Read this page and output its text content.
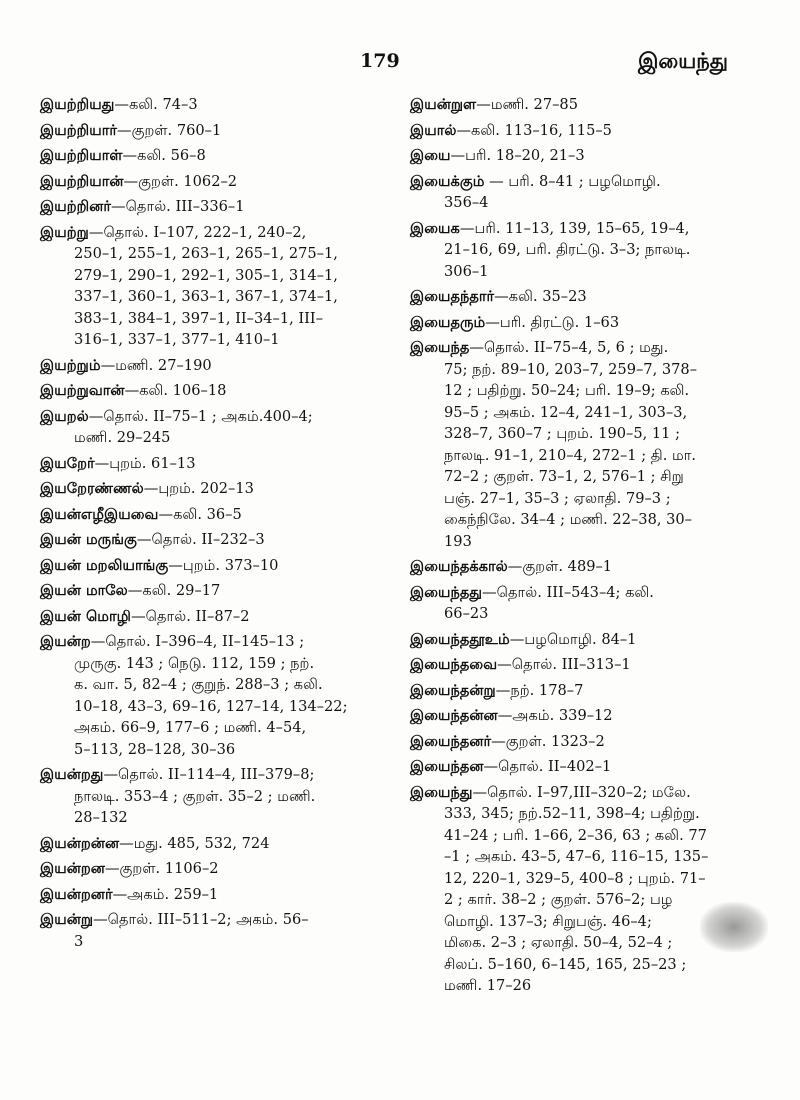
179	இயைந்து
இயற்றியது—கலி. 74–3
இயற்றியார்—குறள். 760–1
இயற்றியாள்—கலி. 56–8
இயற்றியான்—குறள். 1062–2
இயற்றினர்—தொல். III–336–1
இயற்று—தொல். I–107, 222–1, 240–2,
250–1, 255–1, 263–1, 265–1, 275–1,
279–1, 290–1, 292–1, 305–1, 314–1,
337–1, 360–1, 363–1, 367–1, 374–1,
383–1, 384–1, 397–1, II–34–1, III–
316–1, 337–1, 377–1, 410–1
இயற்றும்—மணி. 27–190
இயற்றுவான்—கலி. 106–18
இயறல்—தொல். II–75–1 ; அகம்.400–4;
மணி. 29–245
இயறேர்—புறம். 61–13
இயறேரண்ணல்—புறம். 202–13
இயன்எழீஇயவை—கலி. 36–5
இயன் மருங்கு—தொல். II–232–3
இயன் மறலியாங்கு—புறம். 373–10
இயன் மாலே—கலி. 29–17
இயன் மொழி—தொல். II–87–2
இயன்ற—தொல். I–396–4, II–145–13 ;
முருகு. 143 ; நெடு. 112, 159 ; நற்.
க. வா. 5, 82–4 ; குறுந். 288–3 ; கலி.
10–18, 43–3, 69–16, 127–14, 134–22;
அகம். 66–9, 177–6 ; மணி. 4–54,
5–113, 28–128, 30–36
இயன்றது—தொல். II–114–4, III–379–8;
நாலடி. 353–4 ; குறள். 35–2 ; மணி.
28–132
இயன்றன்ன—மது. 485, 532, 724
இயன்றன—குறள். 1106–2
இயன்றனர்—அகம். 259–1
இயன்று—தொல். III–511–2; அகம். 56–
3
இயன்றுள—மணி. 27–85
இயால்—கலி. 113–16, 115–5
இயை—பரி. 18–20, 21–3
இயைக்கும் — பரி. 8–41 ; பழமொழி.
356–4
இயைக—பரி. 11–13, 139, 15–65, 19–4,
21–16, 69, பரி. திரட்டு. 3–3; நாலடி.
306–1
இயைதந்தார்—கலி. 35–23
இயைதரும்—பரி. திரட்டு. 1–63
இயைந்த—தொல். II–75–4, 5, 6 ; மது.
75; நற். 89–10, 203–7, 259–7, 378–
12 ; பதிற்று. 50–24; பரி. 19–9; கலி.
95–5 ; அகம். 12–4, 241–1, 303–3,
328–7, 360–7 ; புறம். 190–5, 11 ;
நாலடி. 91–1, 210–4, 272–1 ; தி. மா.
72–2 ; குறள். 73–1, 2, 576–1 ; சிறு
பஞ். 27–1, 35–3 ; ஏலாதி. 79–3 ;
கைந்நிலே. 34–4 ; மணி. 22–38, 30–
193
இயைந்தக்கால்—குறள். 489–1
இயைந்தது—தொல். III–543–4; கலி.
66–23
இயைந்ததூஉம்—பழமொழி. 84–1
இயைந்தவை—தொல். III–313–1
இயைந்தன்று—நற். 178–7
இயைந்தன்ன—அகம். 339–12
இயைந்தனர்—குறள். 1323–2
இயைந்தன—தொல். II–402–1
இயைந்து—தொல். I–97,III–320–2; மலே.
333, 345; நற்.52–11, 398–4; பதிற்று.
41–24 ; பரி. 1–66, 2–36, 63 ; கலி. 77
–1 ; அகம். 43–5, 47–6, 116–15, 135–
12, 220–1, 329–5, 400–8 ; புறம். 71–
2 ; கார். 38–2 ; குறள். 576–2; பழ
மொழி. 137–3; சிறுபஞ். 46–4;
மிகை. 2–3 ; ஏலாதி. 50–4, 52–4 ;
சிலப். 5–160, 6–145, 165, 25–23 ;
மணி. 17–26
